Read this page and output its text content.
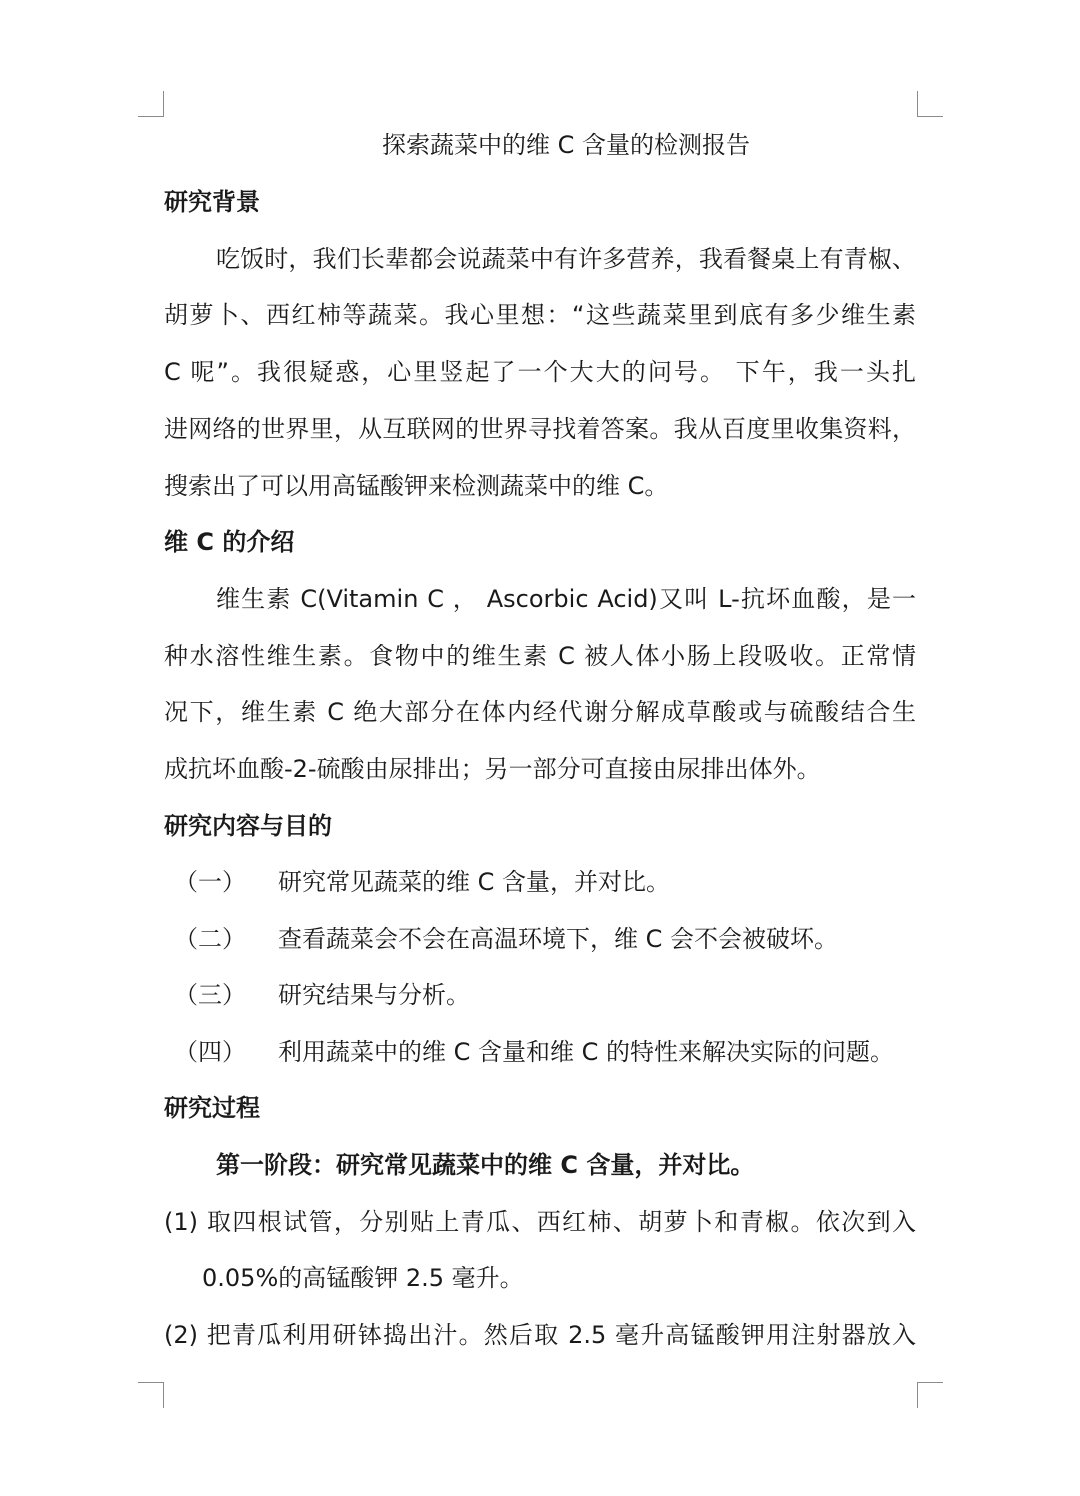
探索蔬菜中的维 C 含量的检测报告
研究背景
吃饭时，我们长辈都会说蔬菜中有许多营养，我看餐桌上有青椒、
胡萝卜、西红柿等蔬菜。我心里想：“这些蔬菜里到底有多少维生素
C 呢”。我很疑惑，心里竖起了一个大大的问号。 下午，我一头扎
进网络的世界里，从互联网的世界寻找着答案。我从百度里收集资料，
搜索出了可以用高锰酸钾来检测蔬菜中的维 C。
维 C 的介绍
维生素 C(Vitamin C ， Ascorbic Acid)又叫 L-抗坏血酸，是一
种水溶性维生素。食物中的维生素 C 被人体小肠上段吸收。正常情
况下，维生素 C 绝大部分在体内经代谢分解成草酸或与硫酸结合生
成抗坏血酸-2-硫酸由尿排出；另一部分可直接由尿排出体外。
研究内容与目的
（一） 研究常见蔬菜的维 C 含量，并对比。
（二） 查看蔬菜会不会在高温环境下，维 C 会不会被破坏。
（三） 研究结果与分析。
（四） 利用蔬菜中的维 C 含量和维 C 的特性来解决实际的问题。
研究过程
第一阶段：研究常见蔬菜中的维 C 含量，并对比。
(1) 取四根试管，分别贴上青瓜、西红柿、胡萝卜和青椒。依次到入
0.05%的高锰酸钾 2.5 毫升。
(2) 把青瓜利用研钵捣出汁。然后取 2.5 毫升高锰酸钾用注射器放入
